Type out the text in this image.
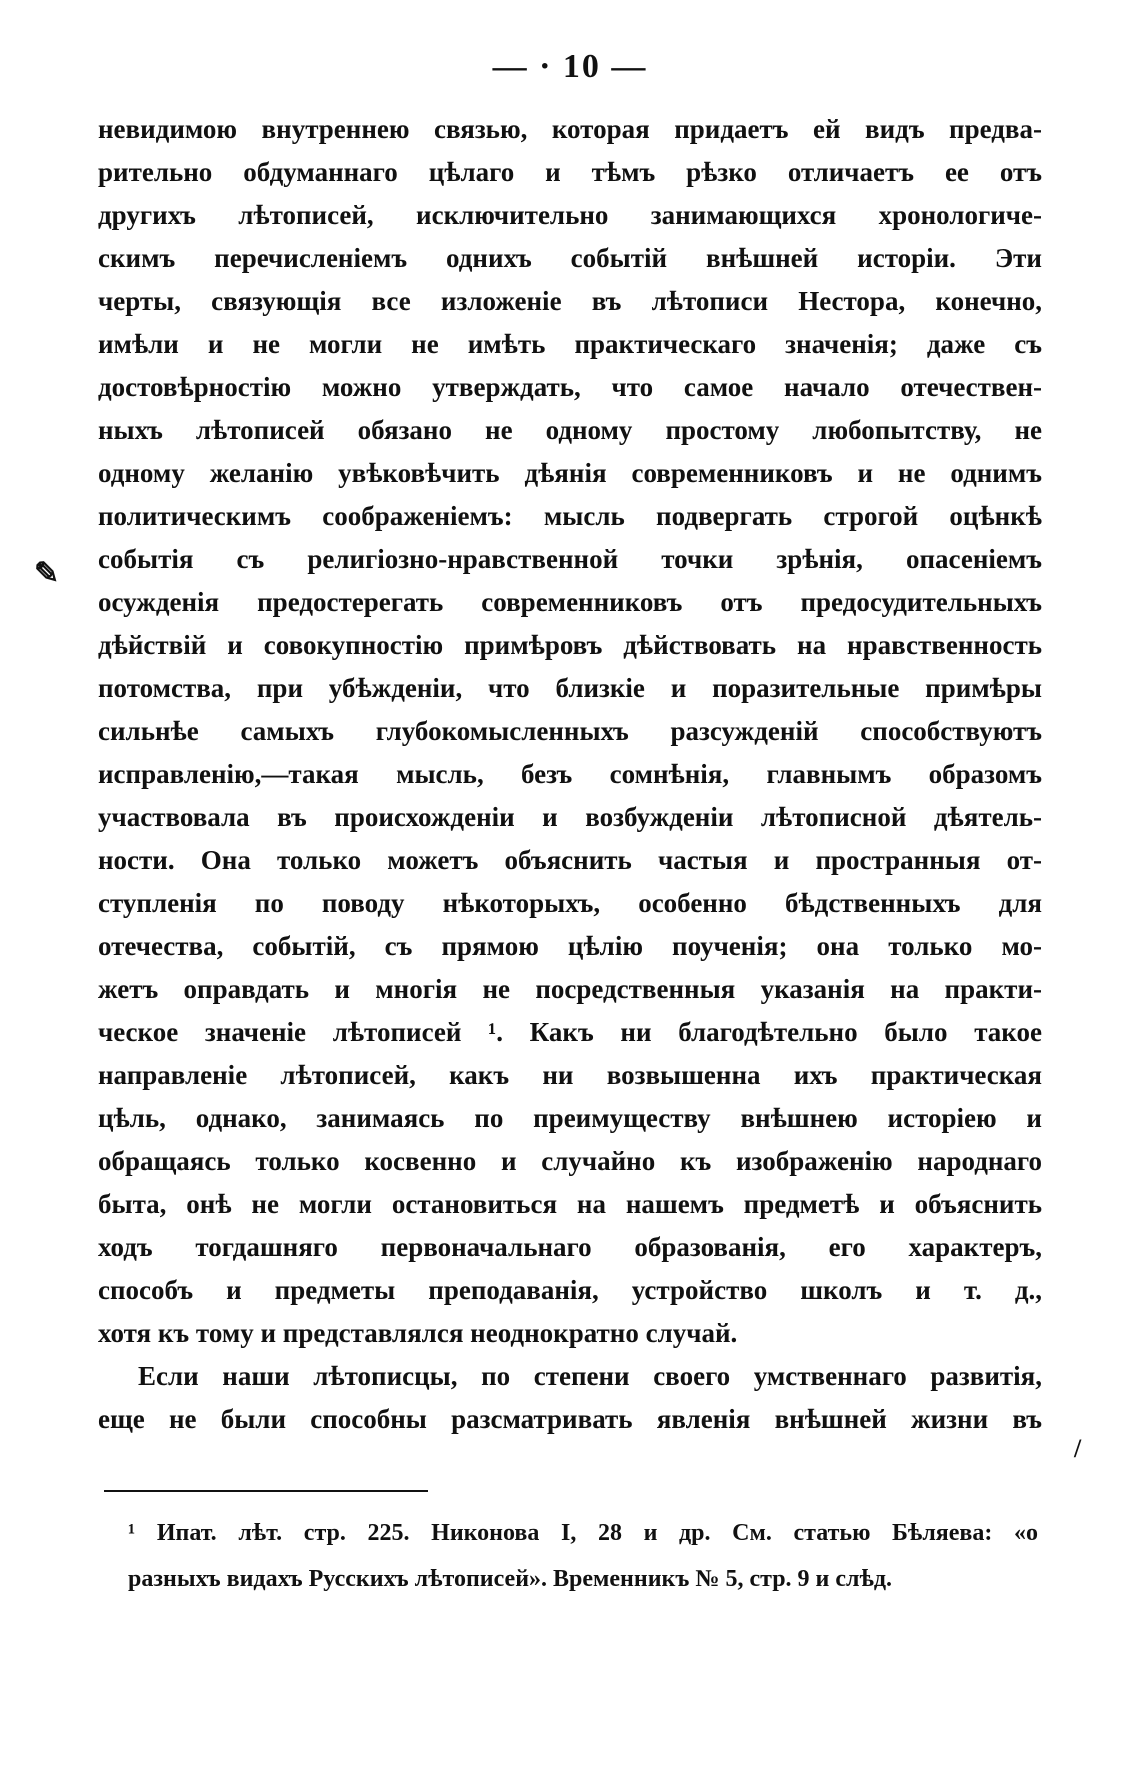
— · 10 —
невидимою внутреннею связью, которая придаетъ ей видъ предва-
рительно обдуманнаго цѣлаго и тѣмъ рѣзко отличаетъ ее отъ
другихъ лѣтописей, исключительно занимающихся хронологиче-
скимъ перечисленіемъ однихъ событій внѣшней исторіи. Эти
черты, связующія все изложеніе въ лѣтописи Нестора, конечно,
имѣли и не могли не имѣть практическаго значенія; даже съ
достовѣрностію можно утверждать, что самое начало отечествен-
ныхъ лѣтописей обязано не одному простому любопытству, не
одному желанію увѣковѣчить дѣянія современниковъ и не однимъ
политическимъ соображеніемъ: мысль подвергать строгой оцѣнкѣ
событія съ религіозно-нравственной точки зрѣнія, опасеніемъ
осужденія предостерегать современниковъ отъ предосудительныхъ
дѣйствій и совокупностію примѣровъ дѣйствовать на нравственность
потомства, при убѣжденіи, что близкіе и поразительные примѣры
сильнѣе самыхъ глубокомысленныхъ разсужденій способствуютъ
исправленію,—такая мысль, безъ сомнѣнія, главнымъ образомъ
участвовала въ происхожденіи и возбужденіи лѣтописной дѣятель-
ности. Она только можетъ объяснить частыя и пространныя от-
ступленія по поводу нѣкоторыхъ, особенно бѣдственныхъ для
отечества, событій, съ прямою цѣлію поученія; она только мо-
жетъ оправдать и многія не посредственныя указанія на практи-
ческое значеніе лѣтописей ¹. Какъ ни благодѣтельно было такое
направленіе лѣтописей, какъ ни возвышенна ихъ практическая
цѣль, однако, занимаясь по преимуществу внѣшнею исторіею и
обращаясь только косвенно и случайно къ изображенію народнаго
быта, онѣ не могли остановиться на нашемъ предметѣ и объяснить
ходъ тогдашняго первоначальнаго образованія, его характеръ,
способъ и предметы преподаванія, устройство школъ и т. д.,
хотя къ тому и представлялся неоднократно случай.
Если наши лѣтописцы, по степени своего умственнаго развитія,
еще не были способны разсматривать явленія внѣшней жизни въ
¹ Ипат. лѣт. стр. 225. Никонова I, 28 и др. См. статью Бѣляева: «о
разныхъ видахъ Русскихъ лѣтописей». Временникъ № 5, стр. 9 и слѣд.
✎
/
